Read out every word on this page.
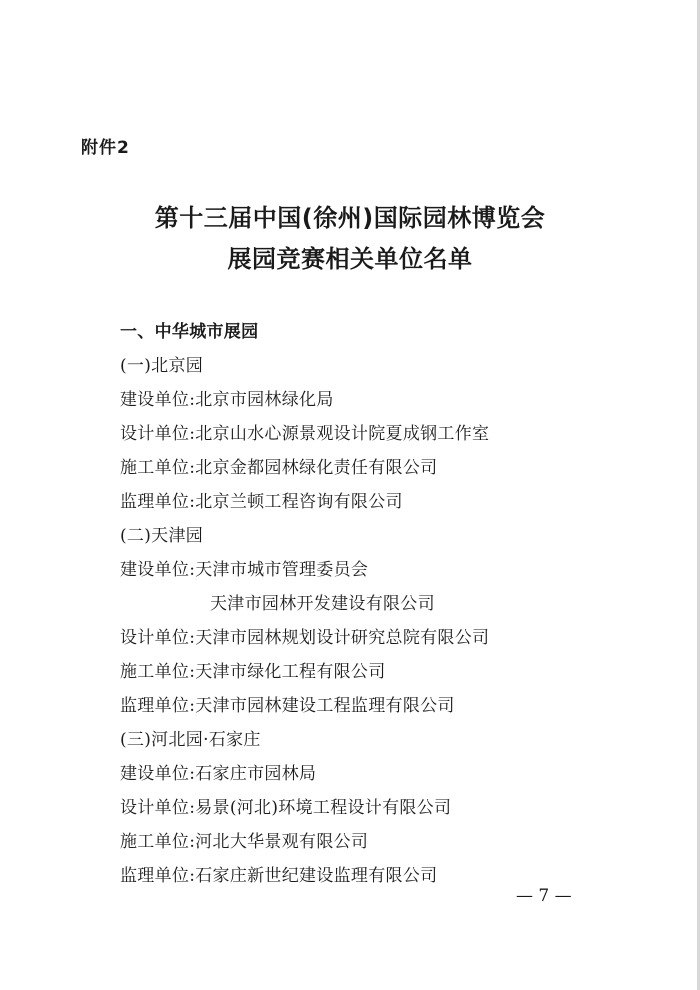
附件2
第十三届中国(徐州)国际园林博览会
展园竞赛相关单位名单
一、中华城市展园
(一)北京园
建设单位:北京市园林绿化局
设计单位:北京山水心源景观设计院夏成钢工作室
施工单位:北京金都园林绿化责任有限公司
监理单位:北京兰顿工程咨询有限公司
(二)天津园
建设单位:天津市城市管理委员会
天津市园林开发建设有限公司
设计单位:天津市园林规划设计研究总院有限公司
施工单位:天津市绿化工程有限公司
监理单位:天津市园林建设工程监理有限公司
(三)河北园·石家庄
建设单位:石家庄市园林局
设计单位:易景(河北)环境工程设计有限公司
施工单位:河北大华景观有限公司
监理单位:石家庄新世纪建设监理有限公司
— 7 —
